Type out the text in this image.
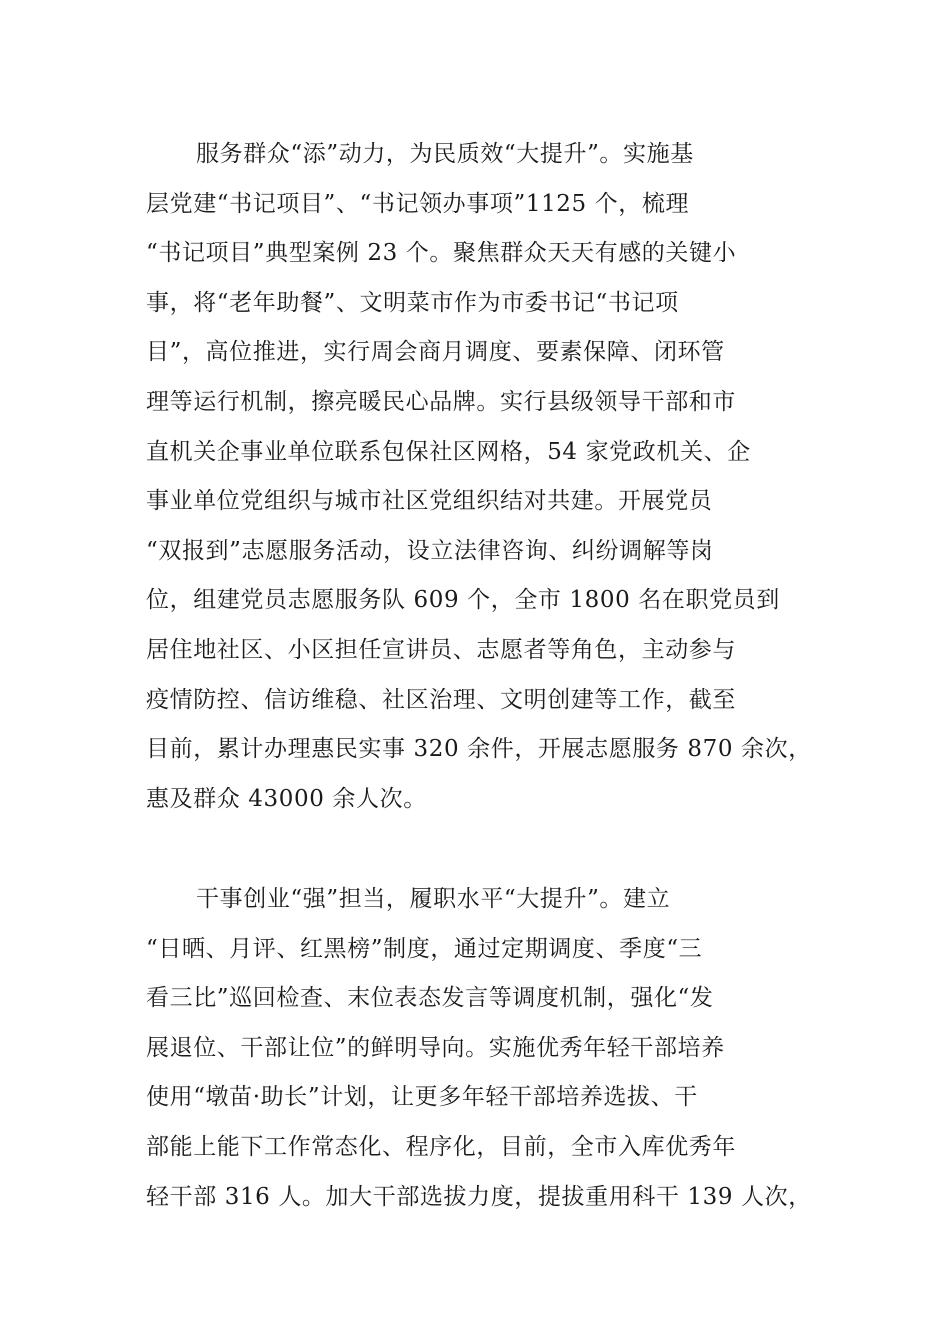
服务群众“添”动力，为民质效“大提升”。实施基
层党建“书记项目”、“书记领办事项”1125 个，梳理
“书记项目”典型案例 23 个。聚焦群众天天有感的关键小
事，将“老年助餐”、文明菜市作为市委书记“书记项
目”，高位推进，实行周会商月调度、要素保障、闭环管
理等运行机制，擦亮暖民心品牌。实行县级领导干部和市
直机关企事业单位联系包保社区网格，54 家党政机关、企
事业单位党组织与城市社区党组织结对共建。开展党员
“双报到”志愿服务活动，设立法律咨询、纠纷调解等岗
位，组建党员志愿服务队 609 个，全市 1800 名在职党员到
居住地社区、小区担任宣讲员、志愿者等角色，主动参与
疫情防控、信访维稳、社区治理、文明创建等工作，截至
目前，累计办理惠民实事 320 余件，开展志愿服务 870 余次，
惠及群众 43000 余人次。
干事创业“强”担当，履职水平“大提升”。建立
“日晒、月评、红黑榜”制度，通过定期调度、季度“三
看三比”巡回检查、末位表态发言等调度机制，强化“发
展退位、干部让位”的鲜明导向。实施优秀年轻干部培养
使用“墩苗·助长”计划，让更多年轻干部培养选拔、干
部能上能下工作常态化、程序化，目前，全市入库优秀年
轻干部 316 人。加大干部选拔力度，提拔重用科干 139 人次，
